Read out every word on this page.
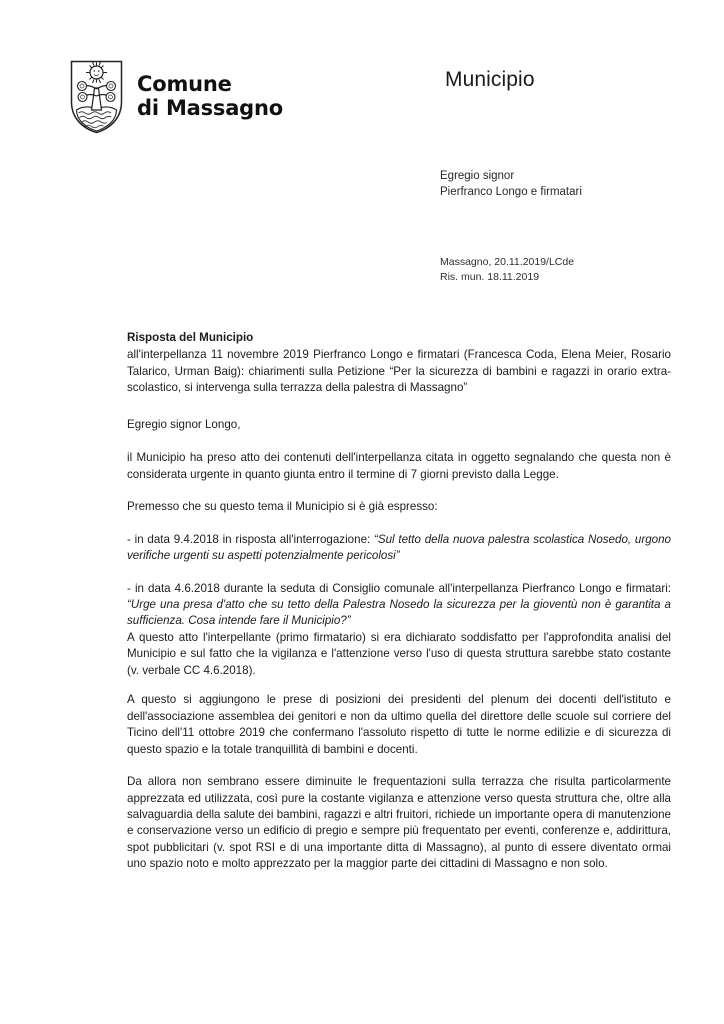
Comune
di Massagno
Municipio
Egregio signor
Pierfranco Longo e firmatari
Massagno, 20.11.2019/LCde
Ris. mun. 18.11.2019
Risposta del Municipio
all'interpellanza 11 novembre 2019 Pierfranco Longo e firmatari (Francesca Coda, Elena Meier, Rosario Talarico, Urman Baig): chiarimenti sulla Petizione “Per la sicurezza di bambini e ragazzi in orario extra-scolastico, si intervenga sulla terrazza della palestra di Massagno”

Egregio signor Longo,

il Municipio ha preso atto dei contenuti dell'interpellanza citata in oggetto segnalando che questa non è considerata urgente in quanto giunta entro il termine di 7 giorni previsto dalla Legge.

Premesso che su questo tema il Municipio si è già espresso:

- in data 9.4.2018 in risposta all'interrogazione: “Sul tetto della nuova palestra scolastica Nosedo, urgono verifiche urgenti su aspetti potenzialmente pericolosi”

- in data 4.6.2018 durante la seduta di Consiglio comunale all'interpellanza Pierfranco Longo e firmatari: “Urge una presa d'atto che su tetto della Palestra Nosedo la sicurezza per la gioventù non è garantita a sufficienza. Cosa intende fare il Municipio?”
A questo atto l'interpellante (primo firmatario) si era dichiarato soddisfatto per l'approfondita analisi del Municipio e sul fatto che la vigilanza e l'attenzione verso l'uso di questa struttura sarebbe stato costante (v. verbale CC 4.6.2018).

A questo si aggiungono le prese di posizioni dei presidenti del plenum dei docenti dell'istituto e dell'associazione assemblea dei genitori e non da ultimo quella del direttore delle scuole sul corriere del Ticino dell'11 ottobre 2019 che confermano l'assoluto rispetto di tutte le norme edilizie e di sicurezza di questo spazio e la totale tranquillità di bambini e docenti.

Da allora non sembrano essere diminuite le frequentazioni sulla terrazza che risulta particolarmente apprezzata ed utilizzata, così pure la costante vigilanza e attenzione verso questa struttura che, oltre alla salvaguardia della salute dei bambini, ragazzi e altri fruitori, richiede un importante opera di manutenzione e conservazione verso un edificio di pregio e sempre più frequentato per eventi, conferenze e, addirittura, spot pubblicitari (v. spot RSI e di una importante ditta di Massagno), al punto di essere diventato ormai uno spazio noto e molto apprezzato per la maggior parte dei cittadini di Massagno e non solo.
